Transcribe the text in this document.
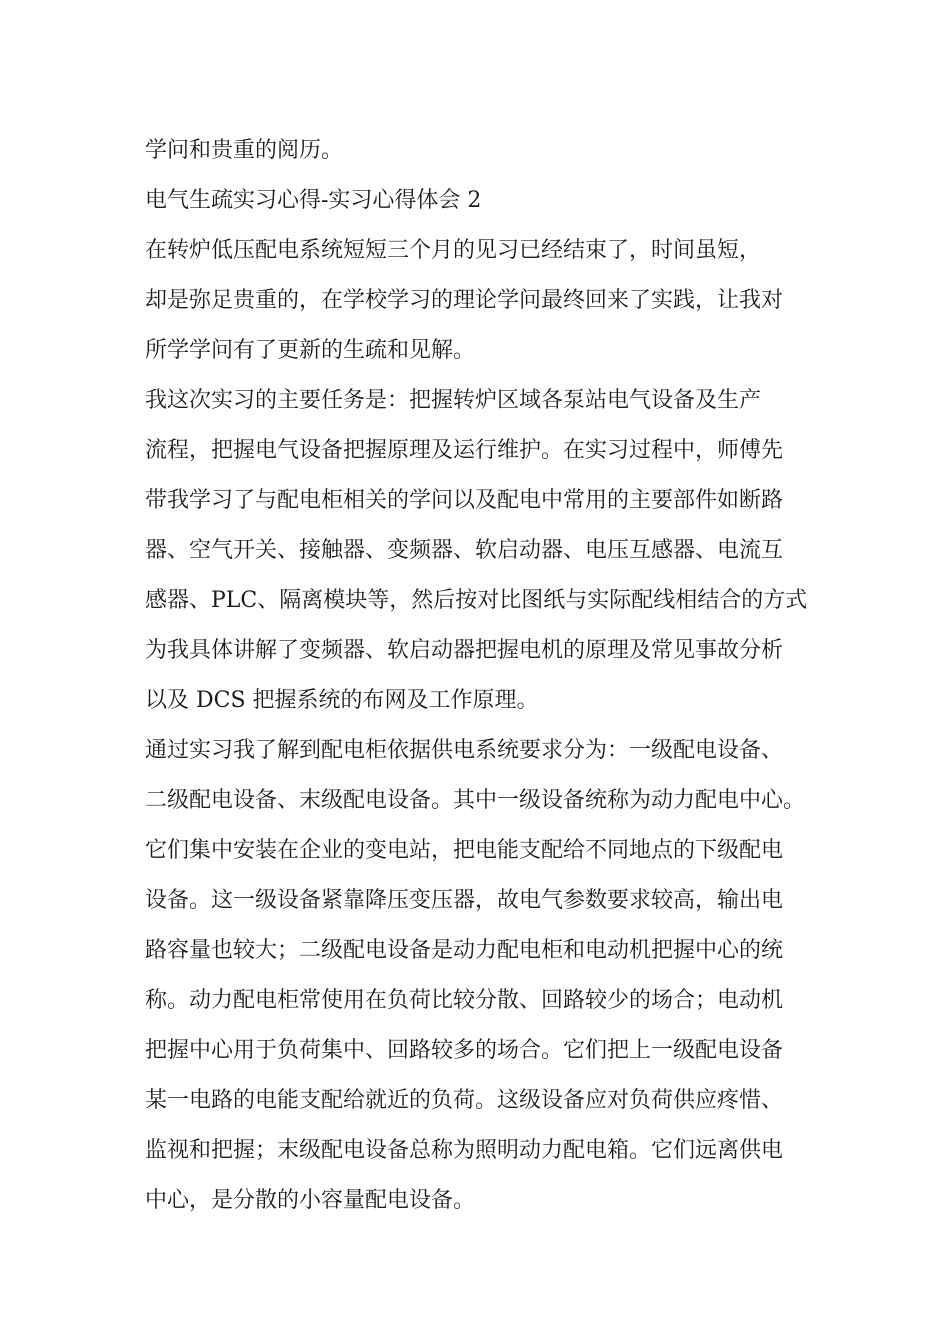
学问和贵重的阅历。
电气生疏实习心得-实习心得体会 2
在转炉低压配电系统短短三个月的见习已经结束了，时间虽短，
却是弥足贵重的，在学校学习的理论学问最终回来了实践，让我对
所学学问有了更新的生疏和见解。
我这次实习的主要任务是：把握转炉区域各泵站电气设备及生产
流程，把握电气设备把握原理及运行维护。在实习过程中，师傅先
带我学习了与配电柜相关的学问以及配电中常用的主要部件如断路
器、空气开关、接触器、变频器、软启动器、电压互感器、电流互
感器、PLC、隔离模块等，然后按对比图纸与实际配线相结合的方式
为我具体讲解了变频器、软启动器把握电机的原理及常见事故分析
以及 DCS 把握系统的布网及工作原理。
通过实习我了解到配电柜依据供电系统要求分为：一级配电设备、
二级配电设备、末级配电设备。其中一级设备统称为动力配电中心。
它们集中安装在企业的变电站，把电能支配给不同地点的下级配电
设备。这一级设备紧靠降压变压器，故电气参数要求较高，输出电
路容量也较大；二级配电设备是动力配电柜和电动机把握中心的统
称。动力配电柜常使用在负荷比较分散、回路较少的场合；电动机
把握中心用于负荷集中、回路较多的场合。它们把上一级配电设备
某一电路的电能支配给就近的负荷。这级设备应对负荷供应疼惜、
监视和把握；末级配电设备总称为照明动力配电箱。它们远离供电
中心，是分散的小容量配电设备。
